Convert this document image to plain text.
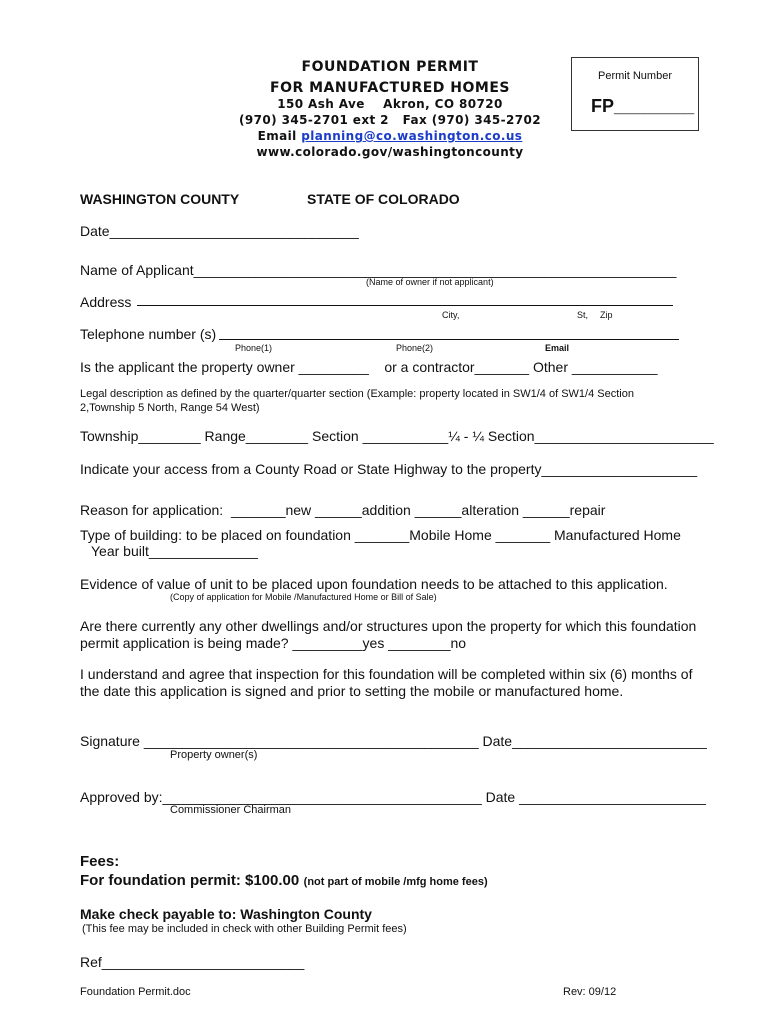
FOUNDATION PERMIT
FOR MANUFACTURED HOMES
150 Ash Ave    Akron, CO 80720
(970) 345-2701 ext 2   Fax (970) 345-2702
Email planning@co.washington.co.us
www.colorado.gov/washingtoncounty
Permit Number
FP________
WASHINGTON COUNTY	STATE OF COLORADO
Date________________________________
Name of Applicant______________________________________________________________
(Name of owner if not applicant)
Address
City,	St, Zip
Telephone number (s)
Phone(1)	Phone(2)	Email
Is the applicant the property owner _________    or a contractor_______ Other ___________
Legal description as defined by the quarter/quarter section (Example: property located in SW1/4 of SW1/4 Section
2,Township 5 North, Range 54 West)
Township________ Range________ Section ___________¼ - ¼ Section_______________________
Indicate your access from a County Road or State Highway to the property____________________
Reason for application:  _______new ______addition ______alteration ______repair
Type of building: to be placed on foundation _______Mobile Home _______ Manufactured Home
Year built______________
Evidence of value of unit to be placed upon foundation needs to be attached to this application.
(Copy of application for Mobile /Manufactured Home or Bill of Sale)
Are there currently any other dwellings and/or structures upon the property for which this foundation
permit application is being made? _________yes ________no
I understand and agree that inspection for this foundation will be completed within six (6) months of
the date this application is signed and prior to setting the mobile or manufactured home.
Signature ___________________________________________ Date_________________________
Property owner(s)
Approved by:_________________________________________ Date ________________________
Commissioner Chairman
Fees:
For foundation permit: $100.00 (not part of mobile /mfg home fees)
Make check payable to: Washington County
(This fee may be included in check with other Building Permit fees)
Ref__________________________
Foundation Permit.doc	Rev: 09/12
